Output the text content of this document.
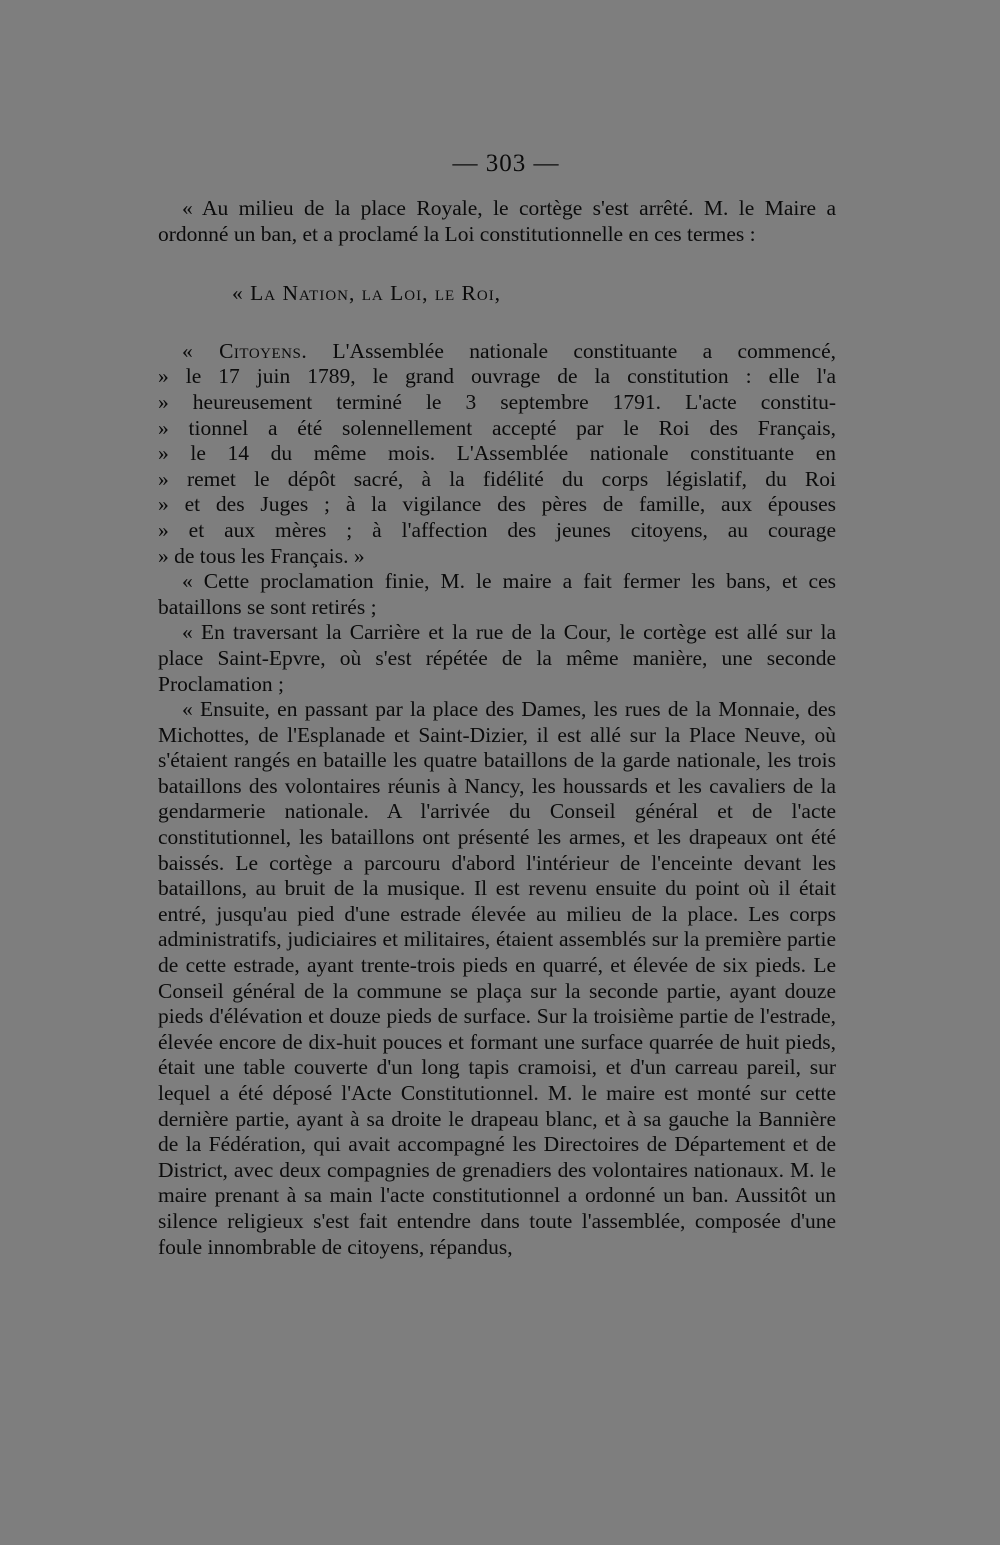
— 303 —

« Au milieu de la place Royale, le cortège s'est arrêté. M. le Maire a ordonné un ban, et a proclamé la Loi constitutionnelle en ces termes :

« La Nation, la Loi, le Roi,
« Citoyens. L'Assemblée nationale constituante a commencé,
» le 17 juin 1789, le grand ouvrage de la constitution : elle l'a
» heureusement terminé le 3 septembre 1791. L'acte constitu-
» tionnel a été solennellement accepté par le Roi des Français,
» le 14 du même mois. L'Assemblée nationale constituante en
» remet le dépôt sacré, à la fidélité du corps législatif, du Roi
» et des Juges ; à la vigilance des pères de famille, aux épouses
» et aux mères ; à l'affection des jeunes citoyens, au courage
» de tous les Français. »

« Cette proclamation finie, M. le maire a fait fermer les bans, et ces bataillons se sont retirés ;

« En traversant la Carrière et la rue de la Cour, le cortège est allé sur la place Saint-Epvre, où s'est répétée de la même manière, une seconde Proclamation ;

« Ensuite, en passant par la place des Dames, les rues de la Monnaie, des Michottes, de l'Esplanade et Saint-Dizier, il est allé sur la Place Neuve, où s'étaient rangés en bataille les quatre bataillons de la garde nationale, les trois bataillons des volontaires réunis à Nancy, les houssards et les cavaliers de la gendarmerie nationale. A l'arrivée du Conseil général et de l'acte constitutionnel, les bataillons ont présenté les armes, et les drapeaux ont été baissés. Le cortège a parcouru d'abord l'intérieur de l'enceinte devant les bataillons, au bruit de la musique. Il est revenu ensuite du point où il était entré, jusqu'au pied d'une estrade élevée au milieu de la place. Les corps administratifs, judiciaires et militaires, étaient assemblés sur la première partie de cette estrade, ayant trente-trois pieds en quarré, et élevée de six pieds. Le Conseil général de la commune se plaça sur la seconde partie, ayant douze pieds d'élévation et douze pieds de surface. Sur la troisième partie de l'estrade, élevée encore de dix-huit pouces et formant une surface quarrée de huit pieds, était une table couverte d'un long tapis cramoisi, et d'un carreau pareil, sur lequel a été déposé l'Acte Constitutionnel. M. le maire est monté sur cette dernière partie, ayant à sa droite le drapeau blanc, et à sa gauche la Bannière de la Fédération, qui avait accompagné les Directoires de Département et de District, avec deux compagnies de grenadiers des volontaires nationaux. M. le maire prenant à sa main l'acte constitutionnel a ordonné un ban. Aussitôt un silence religieux s'est fait entendre dans toute l'assemblée, composée d'une foule innombrable de citoyens, répandus,
